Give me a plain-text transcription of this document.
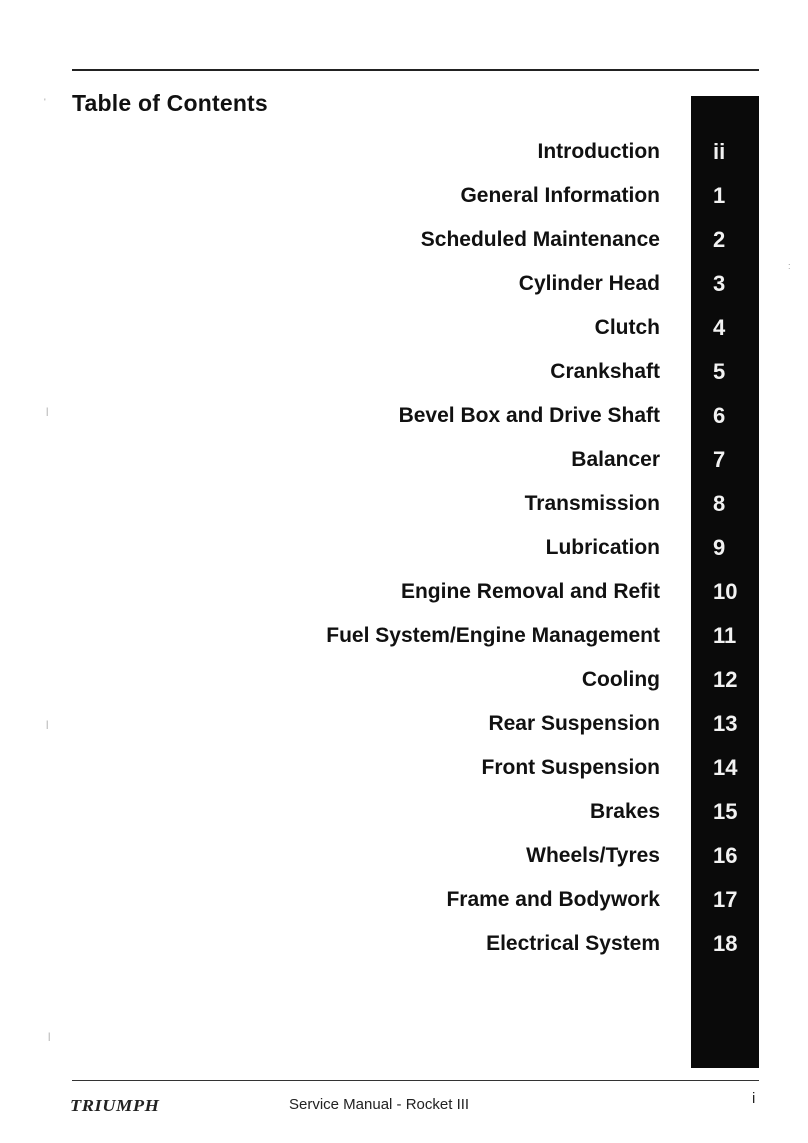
Table of Contents
Introduction
General Information
Scheduled Maintenance
Cylinder Head
Clutch
Crankshaft
Bevel Box and Drive Shaft
Balancer
Transmission
Lubrication
Engine Removal and Refit
Fuel System/Engine Management
Cooling
Rear Suspension
Front Suspension
Brakes
Wheels/Tyres
Frame and Bodywork
Electrical System
ii
1
2
3
4
5
6
7
8
9
10
11
12
13
14
15
16
17
18
TRIUMPH	Service Manual - Rocket III	i
'
|
|
|
:
